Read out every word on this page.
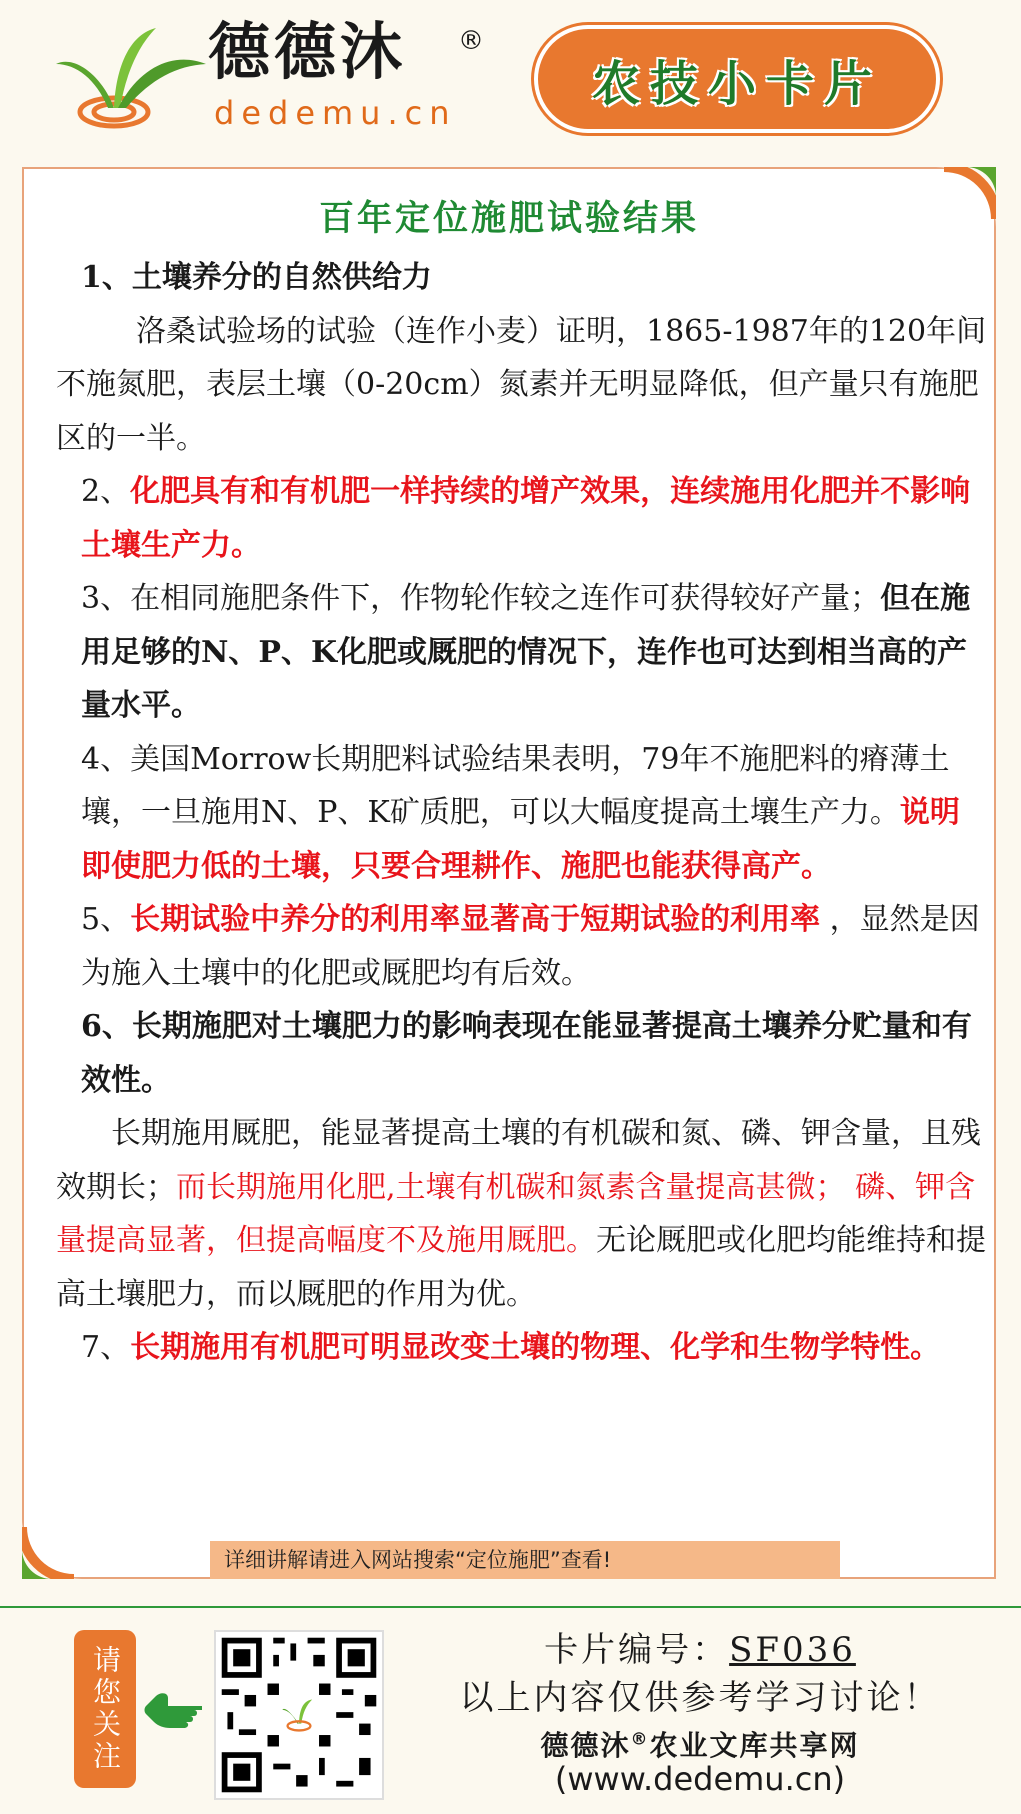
德德沐 ®
dedemu.cn
农技小卡片
百年定位施肥试验结果

1、土壤养分的自然供给力

洛桑试验场的试验（连作小麦）证明，1865-1987年的120年间不施氮肥，表层土壤（0-20cm）氮素并无明显降低，但产量只有施肥区的一半。

2、化肥具有和有机肥一样持续的增产效果，连续施用化肥并不影响土壤生产力。

3、在相同施肥条件下，作物轮作较之连作可获得较好产量；但在施用足够的N、P、K化肥或厩肥的情况下，连作也可达到相当高的产量水平。

4、美国Morrow长期肥料试验结果表明，79年不施肥料的瘠薄土壤，一旦施用N、P、K矿质肥，可以大幅度提高土壤生产力。说明即使肥力低的土壤，只要合理耕作、施肥也能获得高产。

5、长期试验中养分的利用率显著高于短期试验的利用率 ，显然是因为施入土壤中的化肥或厩肥均有后效。

6、长期施肥对土壤肥力的影响表现在能显著提高土壤养分贮量和有效性。

长期施用厩肥，能显著提高土壤的有机碳和氮、磷、钾含量，且残效期长；而长期施用化肥,土壤有机碳和氮素含量提高甚微； 磷、钾含量提高显著，但提高幅度不及施用厩肥。无论厩肥或化肥均能维持和提高土壤肥力，而以厩肥的作用为优。

7、长期施用有机肥可明显改变土壤的物理、化学和生物学特性。

详细讲解请进入网站搜索“定位施肥”查看!
请您关注	卡片编号：SF036
以上内容仅供参考学习讨论！
德德沐®农业文库共享网
(www.dedemu.cn)
